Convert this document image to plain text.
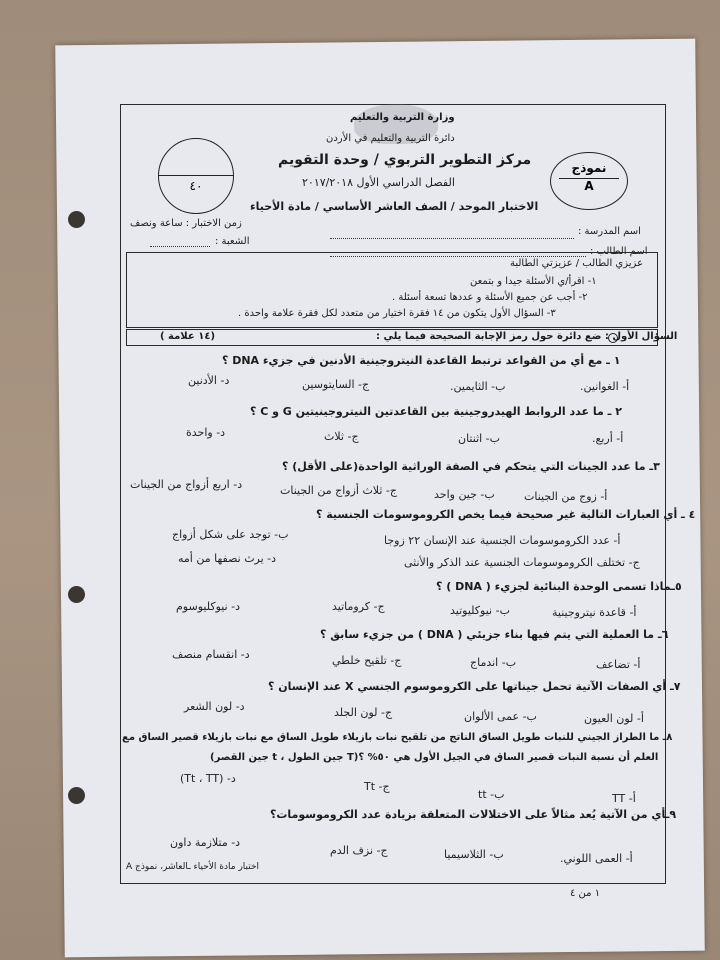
وزارة التربية والتعليم
دائرة التربية والتعليم في الأردن
مركز التطوير التربوي / وحدة التقويم
الفصل الدراسي الأول ٢٠١٧/٢٠١٨
الاختبار الموحد / الصف العاشر الأساسي / مادة الأحياء
٤٠
نموذج
A
زمن الاختبار : ساعة ونصف
الشعبة :
اسم المدرسة :
اسم الطالب :
عزيزي الطالب / عزيزتي الطالبة
١- اقرأ/ي الأسئلة جيدا و بتمعن
٢- أجب عن جميع الأسئلة و عددها تسعة أسئلة .
٣- السؤال الأول يتكون من ١٤ فقرة اختيار من متعدد لكل فقرة علامة واحدة .
السؤال الأول : ضع دائرة حول رمز الإجابة الصحيحة فيما يلي :
(١٤ علامة )
١ ـ مع أي من القواعد ترتبط القاعدة النيتروجينية الأدنين في جزيء DNA ؟
أ- الغوانين.
ب- الثايمين.
ج- السايتوسين
د- الأدنين
٢ ـ ما عدد الروابط الهيدروجينية بين القاعدتين النيتروجينيتين G و C ؟
أ- أربع.
ب- اثنتان
ج- ثلاث
د- واحدة
٣ـ ما عدد الجينات التي يتحكم في الصفة الوراثية الواحدة(على الأقل) ؟
أ- زوج من الجينات
ب- جين واحد
ج- ثلاث أزواج من الجينات
د- اربع أزواج من الجينات
٤ ـ أي العبارات التالية غير صحيحة فيما يخص الكروموسومات الجنسية ؟
أ- عدد الكروموسومات الجنسية عند الإنسان ٢٢ زوجا
ب- توجد على شكل أزواج
ج- تختلف الكروموسومات الجنسية عند الذكر والأنثى
د- يرث نصفها من أمه
٥ـماذا تسمى الوحدة البنائية لجزيء ( DNA ) ؟
أ- قاعدة نيتروجينية
ب- نيوكليوتيد
ج- كروماتيد
د- نيوكليوسوم
٦ـ ما العملية التي يتم فيها بناء جزيئي ( DNA ) من جزيء سابق ؟
أ- تضاعف
ب- اندماج
ج- تلقيح خلطي
د- انقسام منصف
٧ـ أي الصفات الآتية تحمل جيناتها على الكروموسوم الجنسي X عند الإنسان ؟
أ- لون العيون
ب- عمى الألوان
ج- لون الجلد
د- لون الشعر
٨ـ ما الطراز الجيني للنبات طويل الساق الناتج من تلقيح نبات بازيلاء طويل الساق مع نبات بازيلاء قصير الساق مع
العلم أن نسبة النبات قصير الساق في الجيل الأول هي ٥٠% ؟(T جين الطول ، t جين القصر)
أ- TT
ب- tt
ج- Tt
د- (Tt ، TT)
٩ـأي من الآتية يُعد مثالاً على الاختلالات المتعلقة بزيادة عدد الكروموسومات؟
أ- العمى اللوني.
ب- الثلاسيميا
ج- نزف الدم
د- متلازمة داون
اختبار مادة الأحياء ـالعاشر، نموذج A
١ من ٤
